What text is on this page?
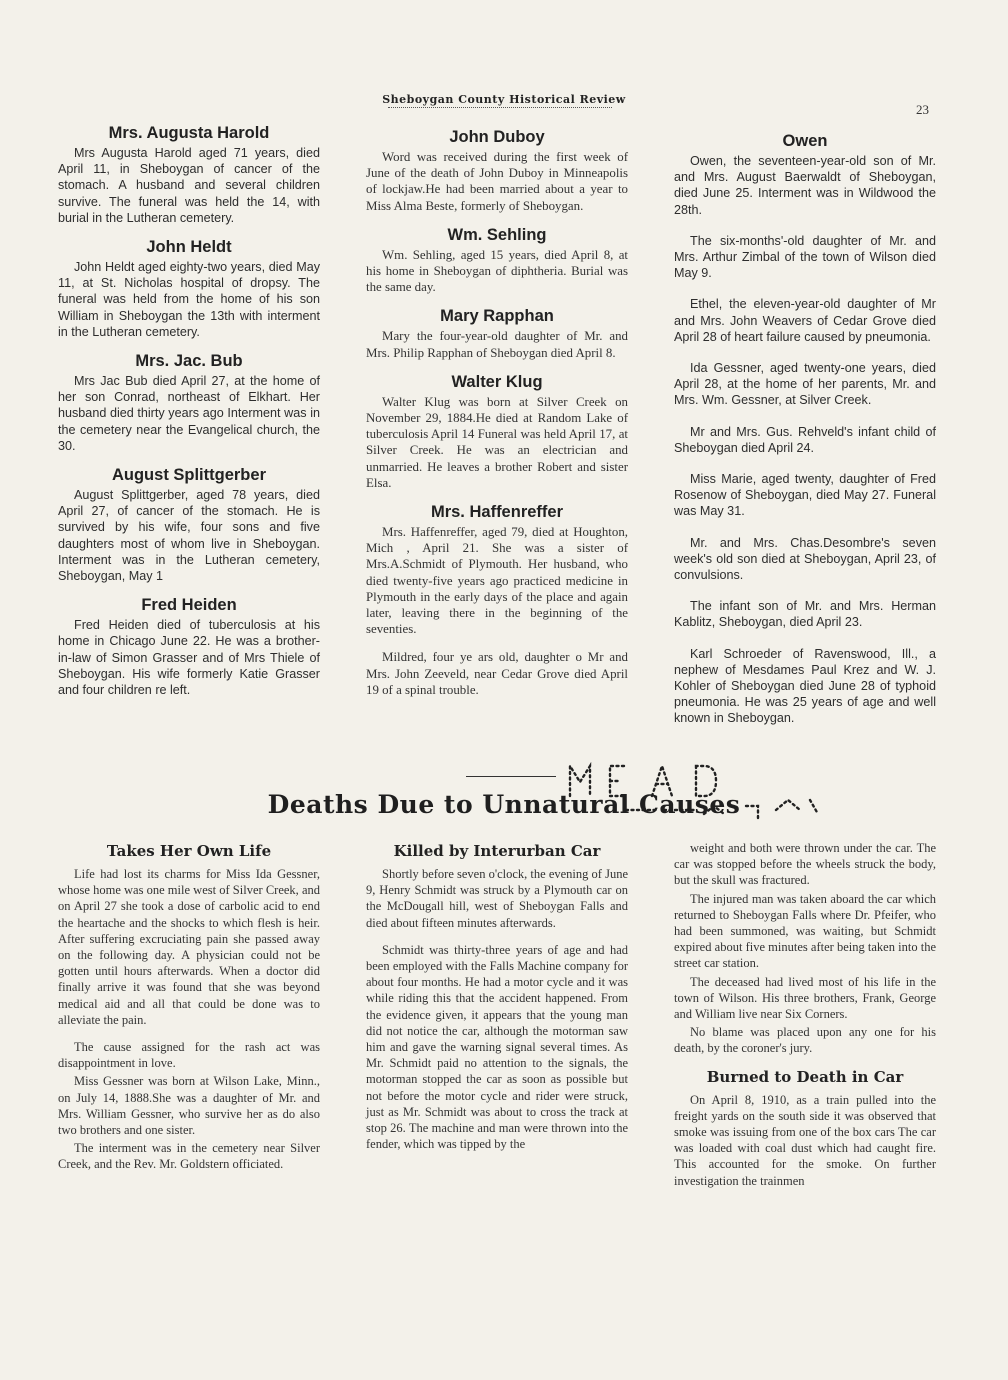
Sheboygan County Historical Review
23
Mrs. Augusta Harold

Mrs Augusta Harold aged 71 years, died April 11, in Sheboygan of cancer of the stomach. A husband and several children survive. The funeral was held the 14, with burial in the Lutheran cemetery.

John Heldt

John Heldt aged eighty-two years, died May 11, at St. Nicholas hospital of dropsy. The funeral was held from the home of his son William in Sheboygan the 13th with interment in the Lutheran cemetery.

Mrs. Jac. Bub

Mrs Jac Bub died April 27, at the home of her son Conrad, northeast of Elkhart. Her husband died thirty years ago Interment was in the cemetery near the Evangelical church, the 30.

August Splittgerber

August Splittgerber, aged 78 years, died April 27, of cancer of the stomach. He is survived by his wife, four sons and five daughters most of whom live in Sheboygan. Interment was in the Lutheran cemetery, Sheboygan, May 1

Fred Heiden

Fred Heiden died of tuberculosis at his home in Chicago June 22. He was a brother-in-law of Simon Grasser and of Mrs Thiele of Sheboygan. His wife formerly Katie Grasser and four children re left.

John Duboy

Word was received during the first week of June of the death of John Duboy in Minneapolis of lockjaw.He had been married about a year to Miss Alma Beste, formerly of Sheboygan.

Wm. Sehling

Wm. Sehling, aged 15 years, died April 8, at his home in Sheboygan of diphtheria. Burial was the same day.

Mary Rapphan

Mary the four-year-old daughter of Mr. and Mrs. Philip Rapphan of Sheboygan died April 8.

Walter Klug

Walter Klug was born at Silver Creek on November 29, 1884.He died at Random Lake of tuberculosis April 14 Funeral was held April 17, at Silver Creek. He was an electrician and unmarried. He leaves a brother Robert and sister Elsa.

Mrs. Haffenreffer

Mrs. Haffenreffer, aged 79, died at Houghton, Mich , April 21. She was a sister of Mrs.A.Schmidt of Plymouth. Her husband, who died twenty-five years ago practiced medicine in Plymouth in the early days of the place and again later, leaving there in the beginning of the seventies.

Mildred, four ye ars old, daughter o Mr and Mrs. John Zeeveld, near Cedar Grove died April 19 of a spinal trouble.

Owen

Owen, the seventeen-year-old son of Mr. and Mrs. August Baerwaldt of Sheboygan, died June 25. Interment was in Wildwood the 28th.

The six-months'-old daughter of Mr. and Mrs. Arthur Zimbal of the town of Wilson died May 9.

Ethel, the eleven-year-old daughter of Mr and Mrs. John Weavers of Cedar Grove died April 28 of heart failure caused by pneumonia.

Ida Gessner, aged twenty-one years, died April 28, at the home of her parents, Mr. and Mrs. Wm. Gessner, at Silver Creek.

Mr and Mrs. Gus. Rehveld's infant child of Sheboygan died April 24.

Miss Marie, aged twenty, daughter of Fred Rosenow of Sheboygan, died May 27. Funeral was May 31.

Mr. and Mrs. Chas.Desombre's seven week's old son died at Sheboygan, April 23, of convulsions.

The infant son of Mr. and Mrs. Herman Kablitz, Sheboygan, died April 23.

Karl Schroeder of Ravenswood, Ill., a nephew of Mesdames Paul Krez and W. J. Kohler of Sheboygan died June 28 of typhoid pneumonia. He was 25 years of age and well known in Sheboygan.

Deaths Due to Unnatural Causes
Takes Her Own Life

Life had lost its charms for Miss Ida Gessner, whose home was one mile west of Silver Creek, and on April 27 she took a dose of carbolic acid to end the heartache and the shocks to which flesh is heir. After suffering excruciating pain she passed away on the following day. A physician could not be gotten until hours afterwards. When a doctor did finally arrive it was found that she was beyond medical aid and all that could be done was to alleviate the pain.

The cause assigned for the rash act was disappointment in love.

Miss Gessner was born at Wilson Lake, Minn., on July 14, 1888.She was a daughter of Mr. and Mrs. William Gessner, who survive her as do also two brothers and one sister.

The interment was in the cemetery near Silver Creek, and the Rev. Mr. Goldstern officiated.

Killed by Interurban Car

Shortly before seven o'clock, the evening of June 9, Henry Schmidt was struck by a Plymouth car on the McDougall hill, west of Sheboygan Falls and died about fifteen minutes afterwards.

Schmidt was thirty-three years of age and had been employed with the Falls Machine company for about four months. He had a motor cycle and it was while riding this that the accident happened. From the evidence given, it appears that the young man did not notice the car, although the motorman saw him and gave the warning signal several times. As Mr. Schmidt paid no attention to the signals, the motorman stopped the car as soon as possible but not before the motor cycle and rider were struck, just as Mr. Schmidt was about to cross the track at stop 26. The machine and man were thrown into the fender, which was tipped by the

weight and both were thrown under the car. The car was stopped before the wheels struck the body, but the skull was fractured.

The injured man was taken aboard the car which returned to Sheboygan Falls where Dr. Pfeifer, who had been summoned, was waiting, but Schmidt expired about five minutes after being taken into the street car station.

The deceased had lived most of his life in the town of Wilson. His three brothers, Frank, George and William live near Six Corners.

No blame was placed upon any one for his death, by the coroner's jury.

Burned to Death in Car

On April 8, 1910, as a train pulled into the freight yards on the south side it was observed that smoke was issuing from one of the box cars The car was loaded with coal dust which had caught fire. This accounted for the smoke. On further investigation the trainmen
